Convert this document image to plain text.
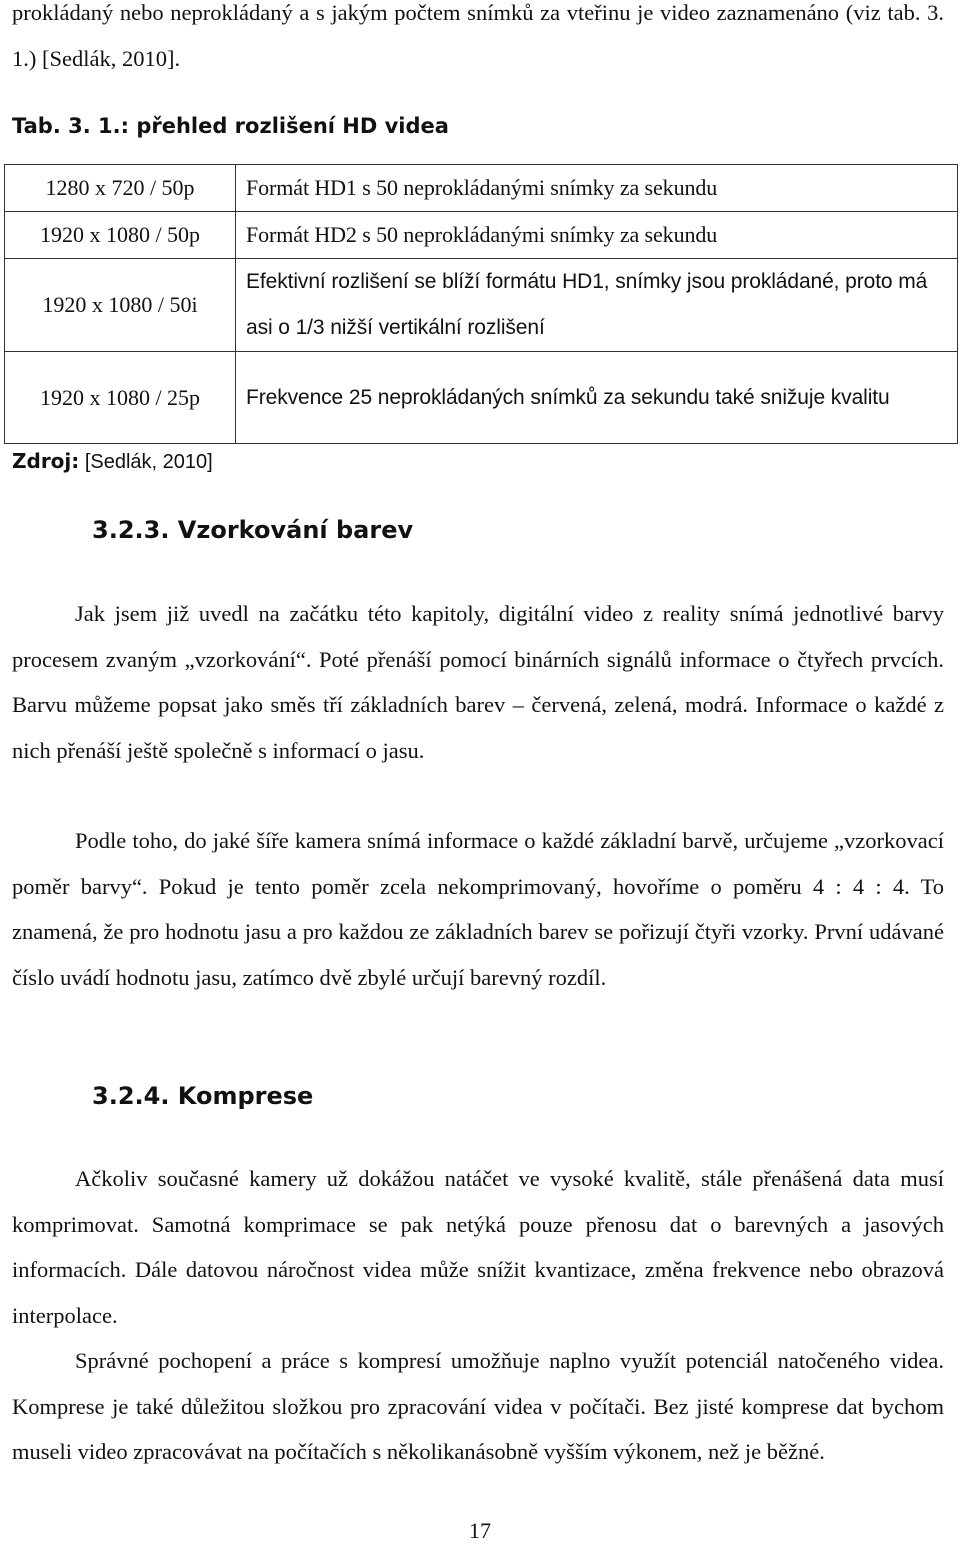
prokládaný nebo neprokládaný a s jakým počtem snímků za vteřinu je video zaznamenáno (viz tab. 3. 1.) [Sedlák, 2010].

Tab. 3. 1.: přehled rozlišení HD videa
1280 x 720 / 50p	Formát HD1 s 50 neprokládanými snímky za sekundu

1920 x 1080 / 50p	Formát HD2 s 50 neprokládanými snímky za sekundu

1920 x 1080 / 50i	Efektivní rozlišení se blíží formátu HD1, snímky jsou prokládané, proto má asi o 1/3 nižší vertikální rozlišení

1920 x 1080 / 25p	Frekvence 25 neprokládaných snímků za sekundu také snižuje kvalitu
Zdroj: [Sedlák, 2010]
3.2.3. Vzorkování barev

Jak jsem již uvedl na začátku této kapitoly, digitální video z reality snímá jednotlivé barvy procesem zvaným „vzorkování“. Poté přenáší pomocí binárních signálů informace o čtyřech prvcích. Barvu můžeme popsat jako směs tří základních barev – červená, zelená, modrá. Informace o každé z nich přenáší ještě společně s informací o jasu.

Podle toho, do jaké šíře kamera snímá informace o každé základní barvě, určujeme „vzorkovací poměr barvy“. Pokud je tento poměr zcela nekomprimovaný, hovoříme o poměru 4 : 4 : 4. To znamená, že pro hodnotu jasu a pro každou ze základních barev se pořizují čtyři vzorky. První udávané číslo uvádí hodnotu jasu, zatímco dvě zbylé určují barevný rozdíl.

3.2.4. Komprese

Ačkoliv současné kamery už dokážou natáčet ve vysoké kvalitě, stále přenášená data musí komprimovat. Samotná komprimace se pak netýká pouze přenosu dat o barevných a jasových informacích. Dále datovou náročnost videa může snížit kvantizace, změna frekvence nebo obrazová interpolace.

Správné pochopení a práce s kompresí umožňuje naplno využít potenciál natočeného videa. Komprese je také důležitou složkou pro zpracování videa v počítači. Bez jisté komprese dat bychom museli video zpracovávat na počítačích s několikanásobně vyšším výkonem, než je běžné.

17
